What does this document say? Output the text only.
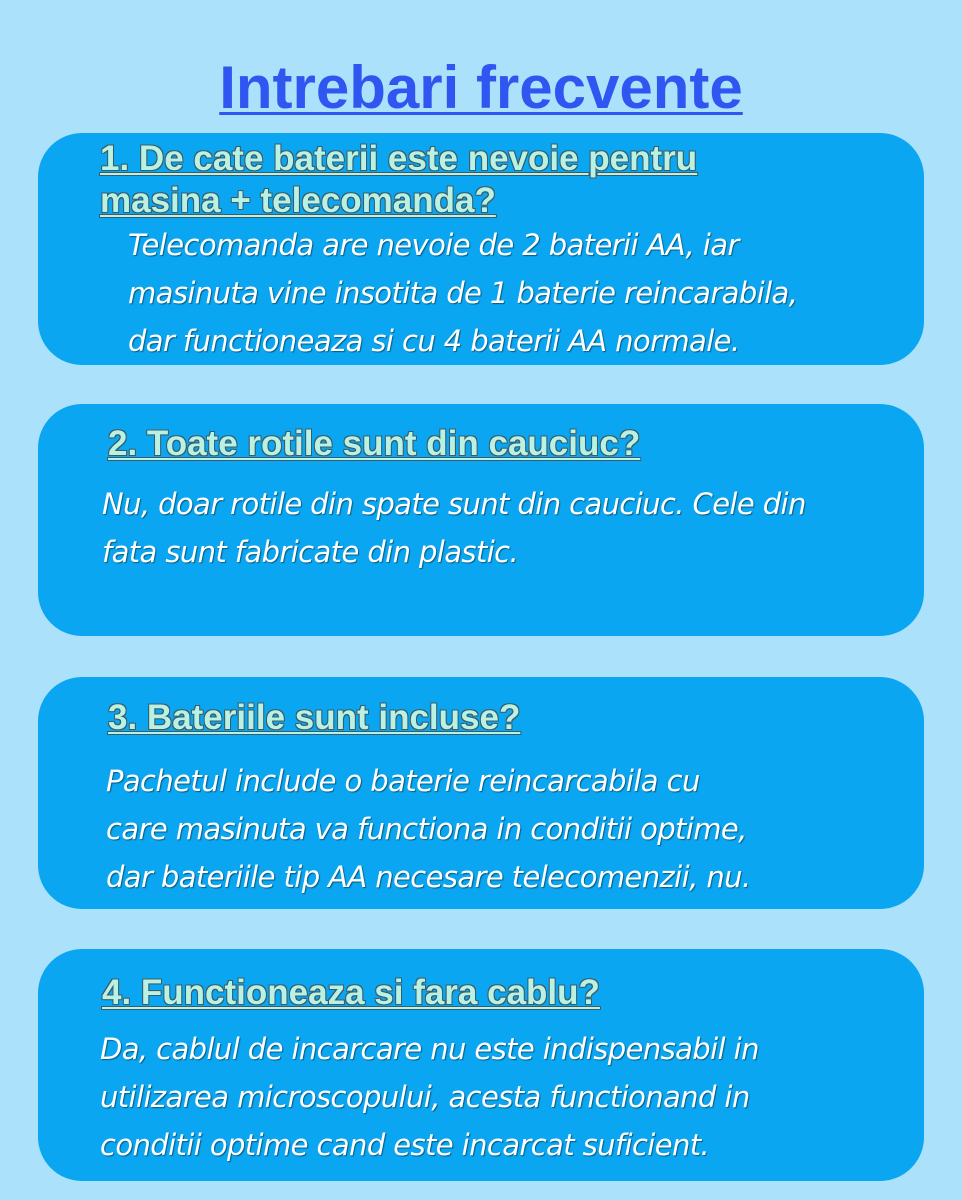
Intrebari frecvente
1. De cate baterii este nevoie pentru
masina + telecomanda?

Telecomanda are nevoie de 2 baterii AA, iar
masinuta vine insotita de 1 baterie reincarabila,
dar functioneaza si cu 4 baterii AA normale.

2. Toate rotile sunt din cauciuc?

Nu, doar rotile din spate sunt din cauciuc. Cele din
fata sunt fabricate din plastic.

3. Bateriile sunt incluse?

Pachetul include o baterie reincarcabila cu
care masinuta va functiona in conditii optime,
dar bateriile tip AA necesare telecomenzii, nu.

4. Functioneaza si fara cablu?

Da, cablul de incarcare nu este indispensabil in
utilizarea microscopului, acesta functionand in
conditii optime cand este incarcat suficient.
